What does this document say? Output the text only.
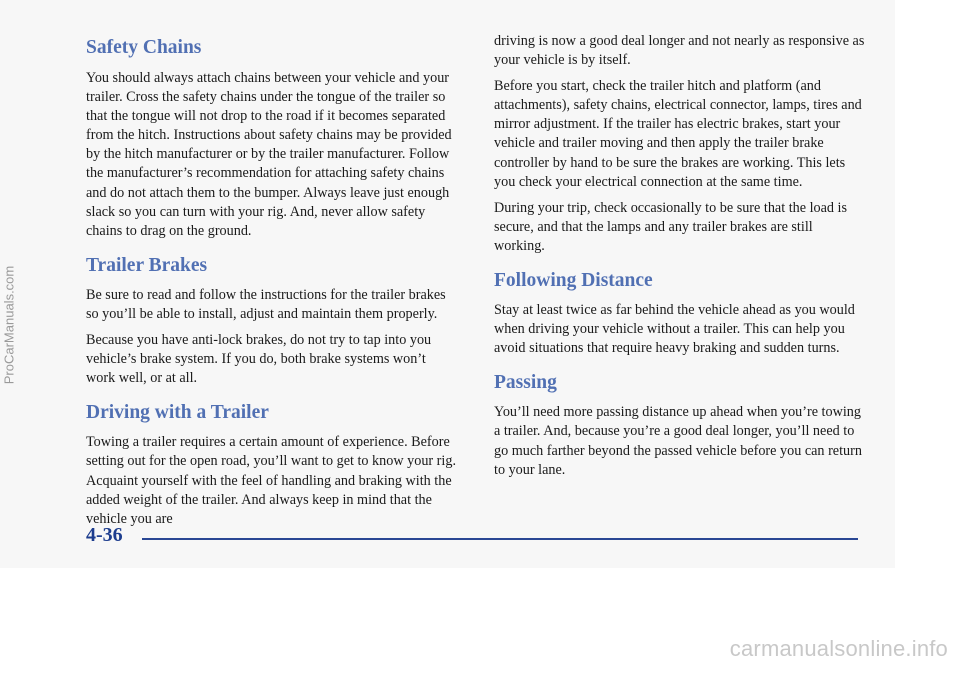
Safety Chains

You should always attach chains between your vehicle and your trailer. Cross the safety chains under the tongue of the trailer so that the tongue will not drop to the road if it becomes separated from the hitch. Instructions about safety chains may be provided by the hitch manufacturer or by the trailer manufacturer. Follow the manufacturer’s recommendation for attaching safety chains and do not attach them to the bumper. Always leave just enough slack so you can turn with your rig. And, never allow safety chains to drag on the ground.

Trailer Brakes

Be sure to read and follow the instructions for the trailer brakes so you’ll be able to install, adjust and maintain them properly.

Because you have anti-lock brakes, do not try to tap into you vehicle’s brake system. If you do, both brake systems won’t work well, or at all.

Driving with a Trailer

Towing a trailer requires a certain amount of experience. Before setting out for the open road, you’ll want to get to know your rig. Acquaint yourself with the feel of handling and braking with the added weight of the trailer. And always keep in mind that the vehicle you are

driving is now a good deal longer and not nearly as responsive as your vehicle is by itself.

Before you start, check the trailer hitch and platform (and attachments), safety chains, electrical connector, lamps, tires and mirror adjustment. If the trailer has electric brakes, start your vehicle and trailer moving and then apply the trailer brake controller by hand to be sure the brakes are working. This lets you check your electrical connection at the same time.

During your trip, check occasionally to be sure that the load is secure, and that the lamps and any trailer brakes are still working.

Following Distance

Stay at least twice as far behind the vehicle ahead as you would when driving your vehicle without a trailer. This can help you avoid situations that require heavy braking and sudden turns.

Passing

You’ll need more passing distance up ahead when you’re towing a trailer. And, because you’re a good deal longer, you’ll need to go much farther beyond the passed vehicle before you can return to your lane.

4-36
ProCarManuals.com
carmanualsonline.info
